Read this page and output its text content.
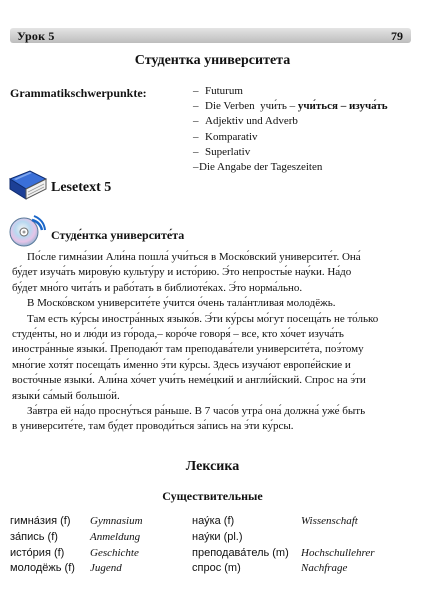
Урок 5	79
Студентка университета
Grammatikschwerpunkte:	– Futurum
– Die Verben учи́ть – учи́ться – изуча́ть
– Adjektiv und Adverb
– Komparativ
– Superlativ
–Die Angabe der Tageszeiten
Lesetext 5
Студе́нтка университе́та

По́сле гимна́зии Али́на пошла́ учи́ться в Моско́вский университе́т. Она́

бу́дет изуча́ть мирову́ю культу́ру и исто́рию. Э́то непросты́е нау́ки. На́до

бу́дет мно́го чита́ть и рабо́тать в библиоте́ках. Э́то норма́льно.

В Моско́вском университе́те у́чится о́чень тала́нтливая молодёжь.

Там есть ку́рсы иностра́нных языко́в. Э́ти ку́рсы мо́гут посеща́ть не то́лько

студе́нты, но и лю́ди из го́рода,– коро́че говоря́ – все, кто хо́чет изуча́ть

иностра́нные языки́. Преподаю́т там преподава́тели университе́та, поэ́тому

мно́гие хотя́т посеща́ть и́менно э́ти ку́рсы. Здесь изуча́ют европе́йские и

восто́чные языки́. Али́на хо́чет учи́ть неме́цкий и англи́йский. Спрос на э́ти

языки́ са́мый большо́й.

За́втра ей на́до просну́ться ра́ньше. В 7 часо́в утра́ она́ должна́ уже́ быть

в университе́те, там бу́дет проводи́ться за́пись на э́ти ку́рсы.

Лексика
Существительные
гимна́зия (f) Gymnasium	нау́ка (f)	Wissenschaft
за́пись (f)	Anmeldung	нау́ки (pl.)
исто́рия (f) Geschichte	преподава́тель (m) Hochschullehrer
молодёжь (f) Jugend	спрос (m)	Nachfrage
